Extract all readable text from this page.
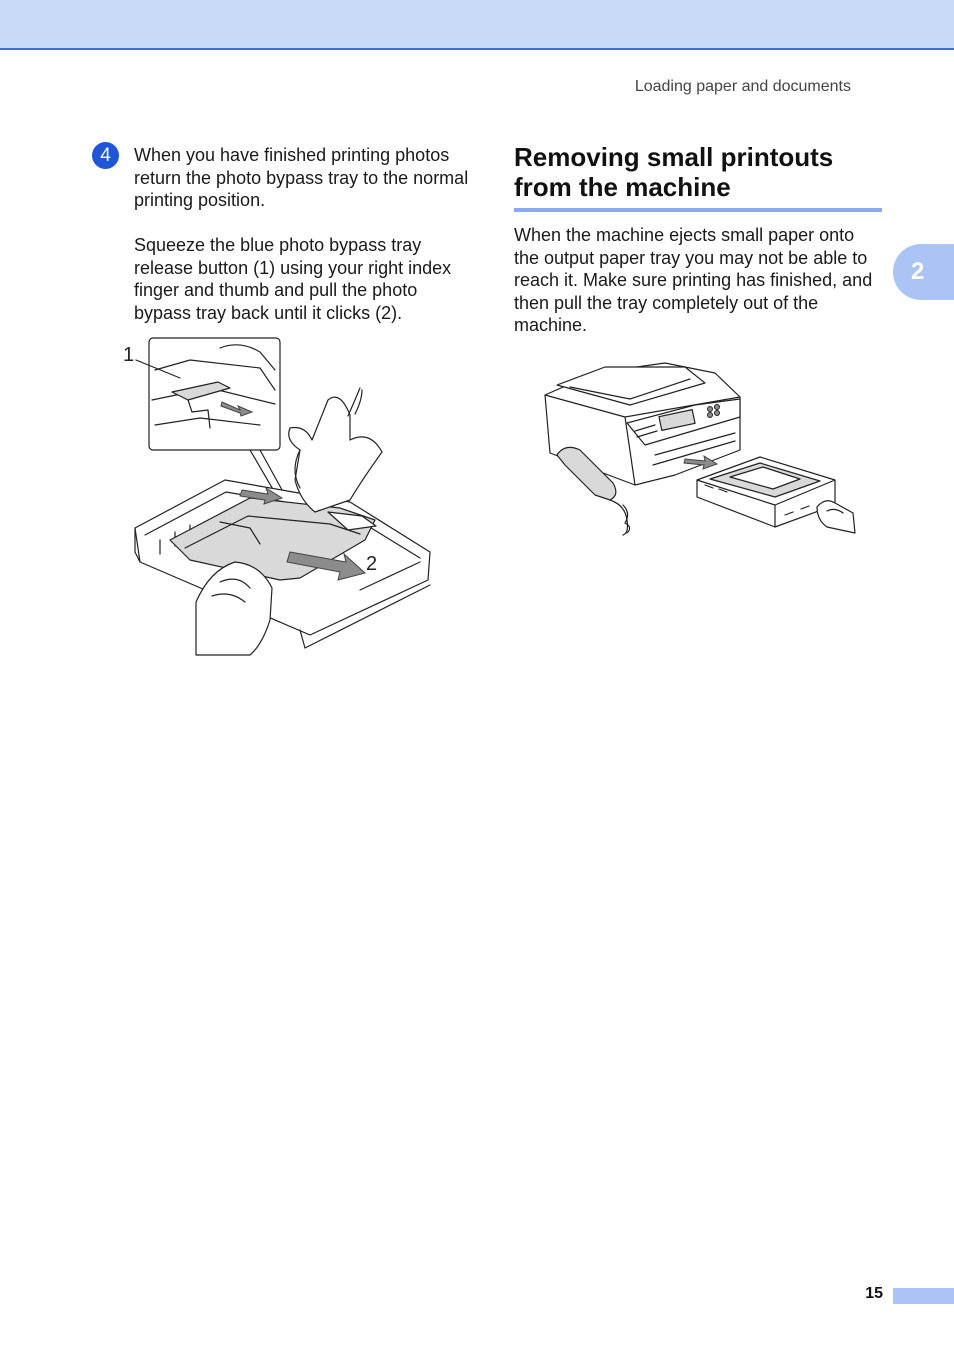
Loading paper and documents
2
4 When you have finished printing photos return the photo bypass tray to the normal printing position.
Squeeze the blue photo bypass tray release button (1) using your right index finger and thumb and pull the photo bypass tray back until it clicks (2).
1
2
Removing small printouts from the machine
When the machine ejects small paper onto the output paper tray you may not be able to reach it. Make sure printing has finished, and then pull the tray completely out of the machine.
15
